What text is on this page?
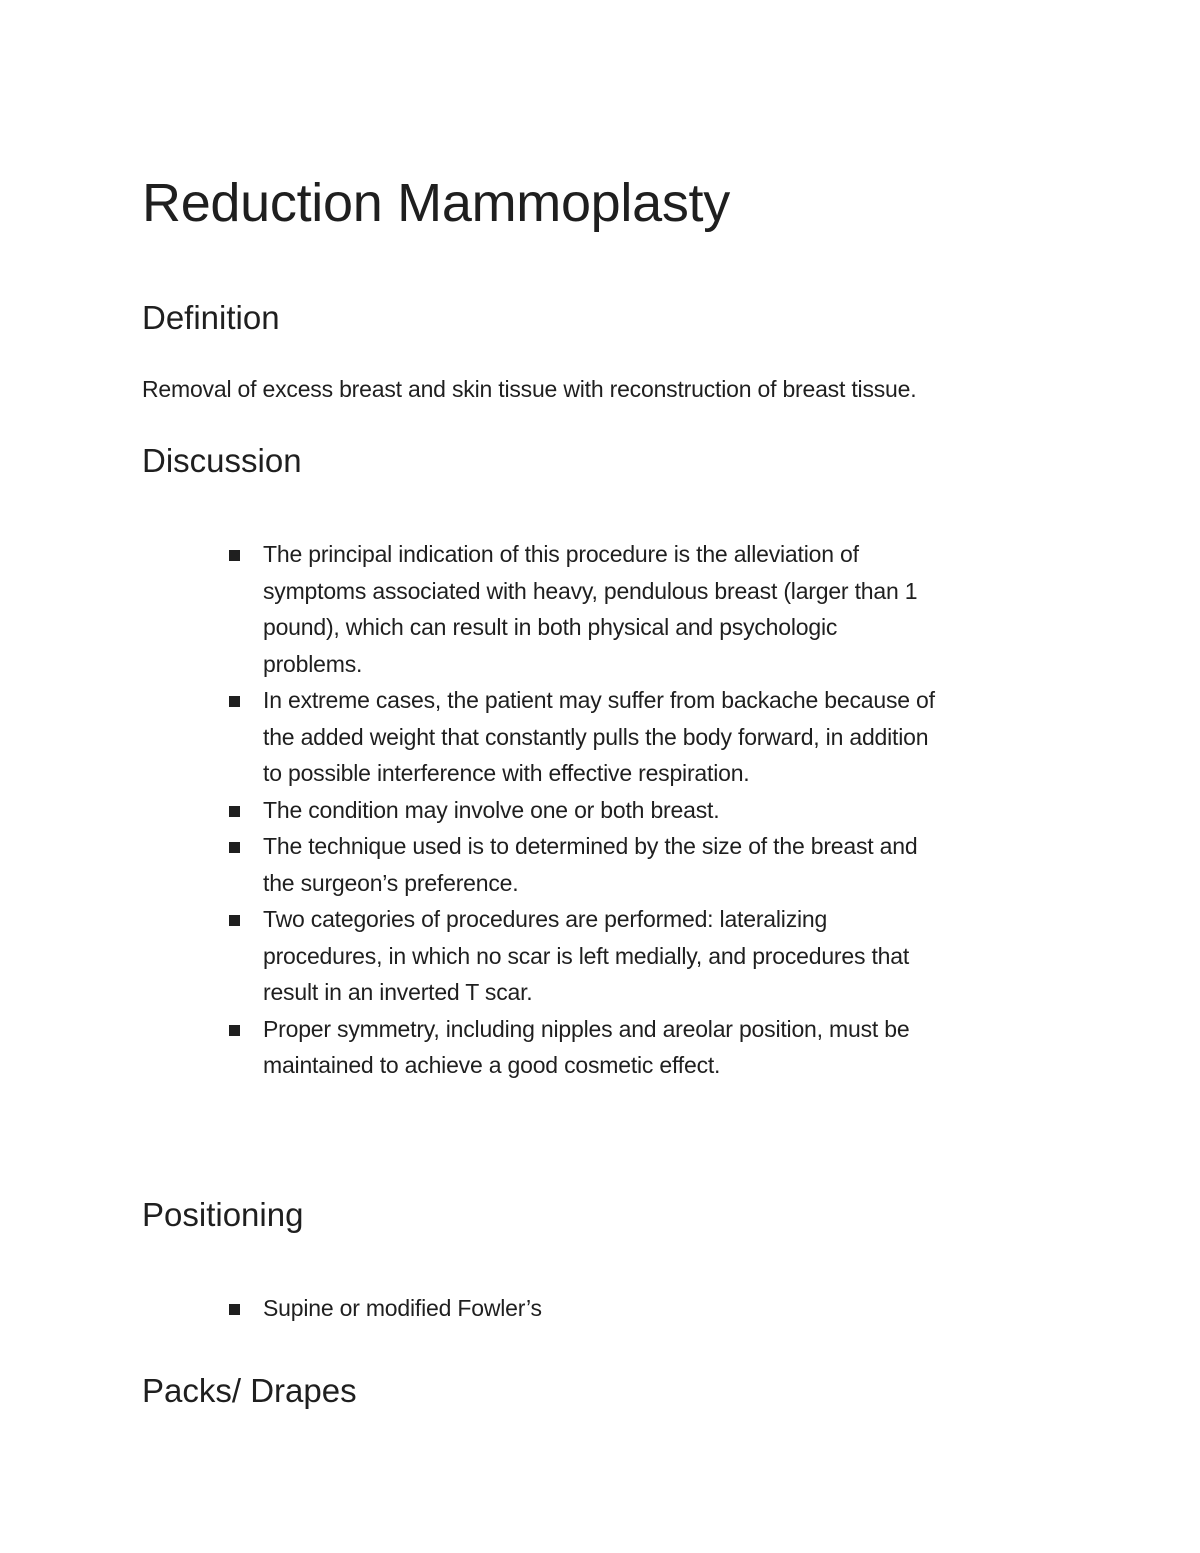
Reduction Mammoplasty
Definition

Removal of excess breast and skin tissue with reconstruction of breast tissue.

Discussion
The principal indication of this procedure is the alleviation of
symptoms associated with heavy, pendulous breast (larger than 1
pound), which can result in both physical and psychologic
problems.
In extreme cases, the patient may suffer from backache because of
the added weight that constantly pulls the body forward, in addition
to possible interference with effective respiration.
The condition may involve one or both breast.
The technique used is to determined by the size of the breast and
the surgeon’s preference.
Two categories of procedures are performed: lateralizing
procedures, in which no scar is left medially, and procedures that
result in an inverted T scar.
Proper symmetry, including nipples and areolar position, must be
maintained to achieve a good cosmetic effect.
Positioning
Supine or modified Fowler’s
Packs/ Drapes
